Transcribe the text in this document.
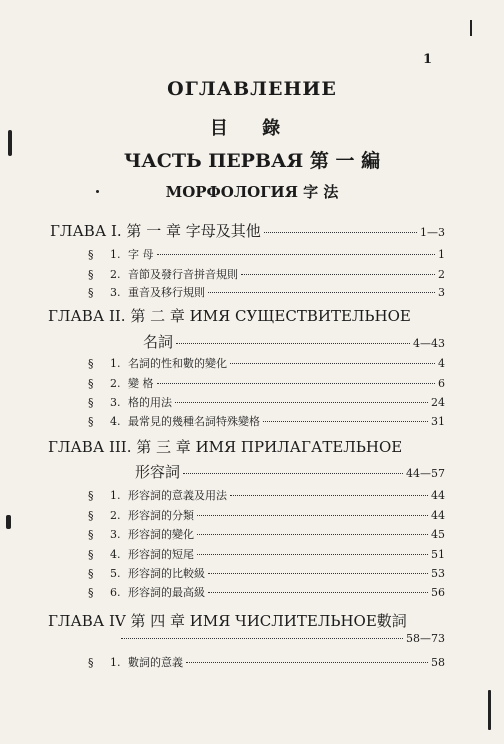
1
ОГЛАВЛЕНИЕ
目 錄
ЧАСТЬ ПЕРВАЯ 第 一 編
МОРФОЛОГИЯ 字 法
ГЛАВА I. 第 一 章 字母及其他	1—3
§	1. 字 母	1
§	2. 音節及發行音拼音規則	2
§	3. 重音及移行規則	3
ГЛАВА II. 第 二 章 ИМЯ СУЩЕСТВИТЕЛЬНОЕ
名詞	4—43
§	1. 名詞的性和數的變化	4
§	2. 變 格	6
§	3. 格的用法	24
§	4. 最常見的幾種名詞特殊變格	31
ГЛАВА III. 第 三 章 ИМЯ ПРИЛАГАТЕЛЬНОЕ
形容詞	44—57
§	1. 形容詞的意義及用法	44
§	2. 形容詞的分類	44
§	3. 形容詞的變化	45
§	4. 形容詞的短尾	51
§	5. 形容詞的比較級	53
§	6. 形容詞的最高級	56
ГЛАВА IV 第 四 章 ИМЯ ЧИСЛИТЕЛЬНОЕ數詞
58—73
§	1. 數詞的意義	58
